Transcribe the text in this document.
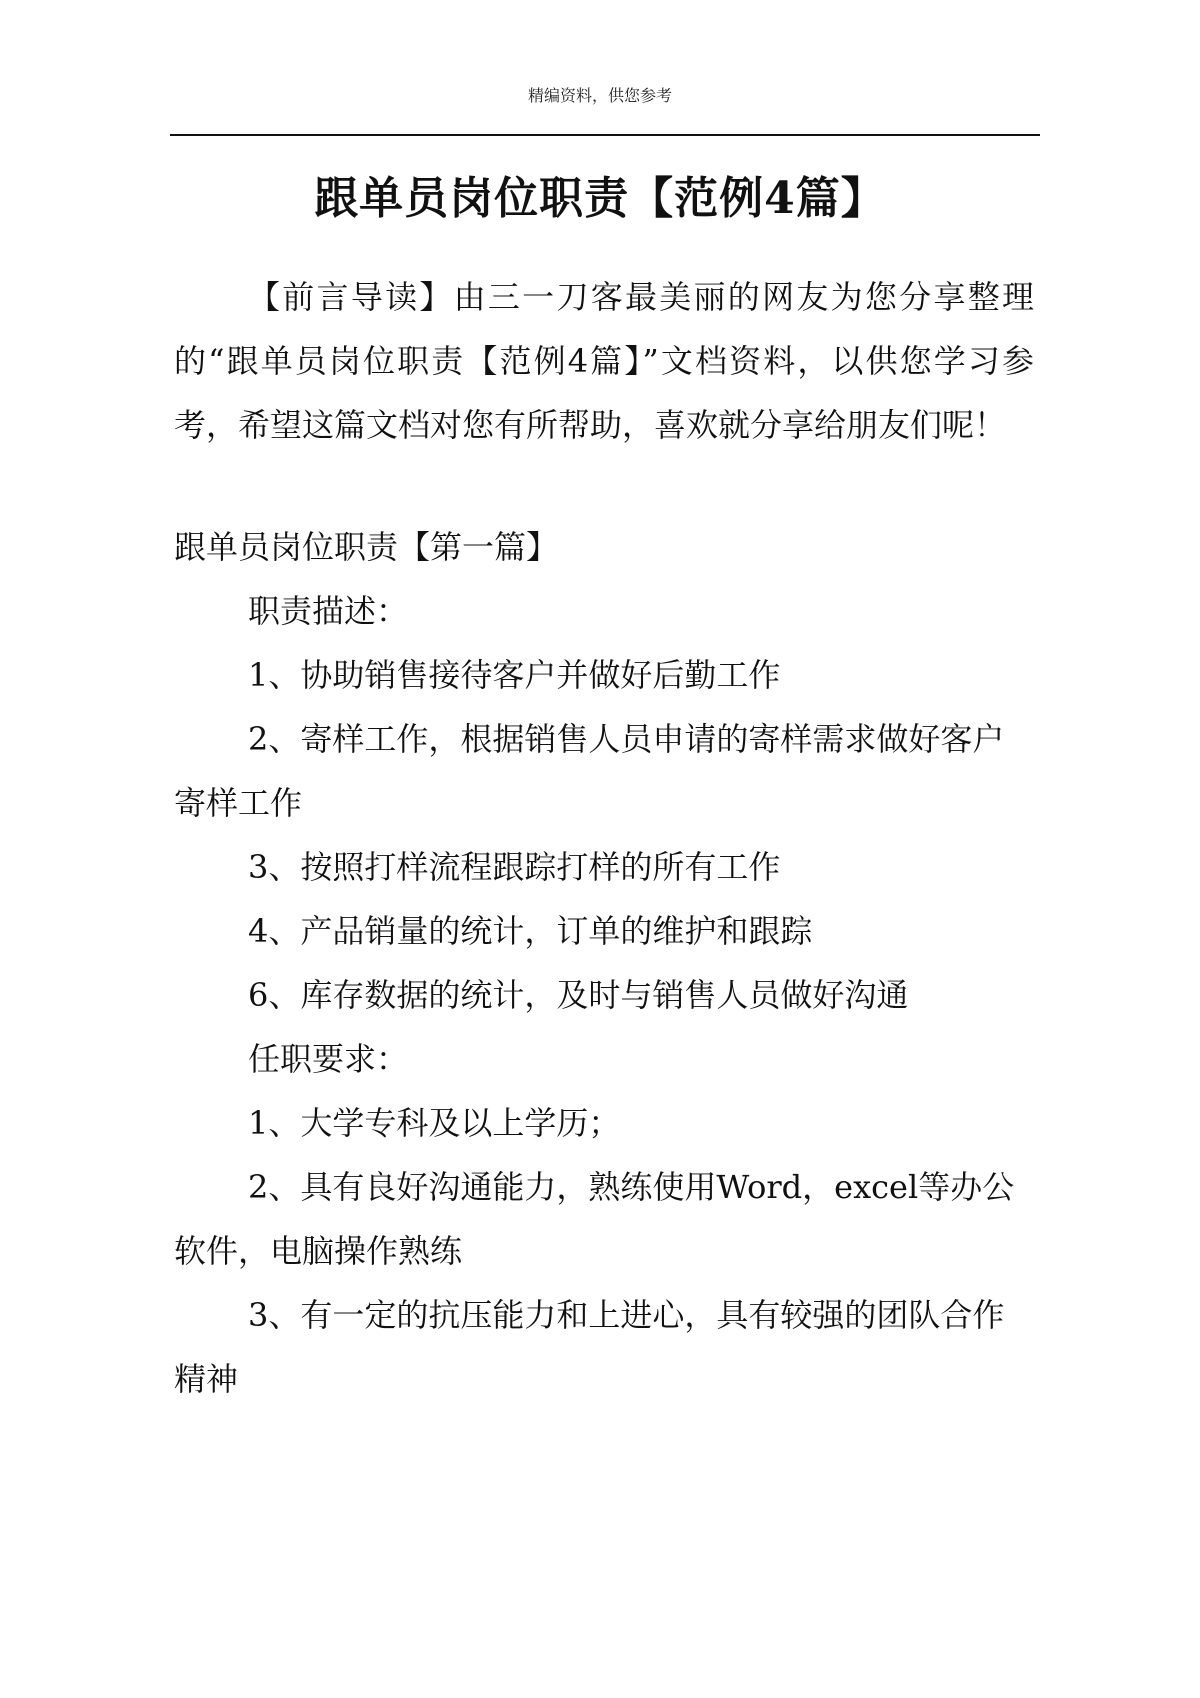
精编资料，供您参考
跟单员岗位职责【范例4篇】

【前言导读】由三一刀客最美丽的网友为您分享整理的“跟单员岗位职责【范例4篇】”文档资料，以供您学习参考，希望这篇文档对您有所帮助，喜欢就分享给朋友们呢！

跟单员岗位职责【第一篇】

职责描述：

1、协助销售接待客户并做好后勤工作

2、寄样工作，根据销售人员申请的寄样需求做好客户寄样工作

3、按照打样流程跟踪打样的所有工作

4、产品销量的统计，订单的维护和跟踪

6、库存数据的统计，及时与销售人员做好沟通

任职要求：

1、大学专科及以上学历；

2、具有良好沟通能力，熟练使用Word，excel等办公软件，电脑操作熟练

3、有一定的抗压能力和上进心，具有较强的团队合作精神
